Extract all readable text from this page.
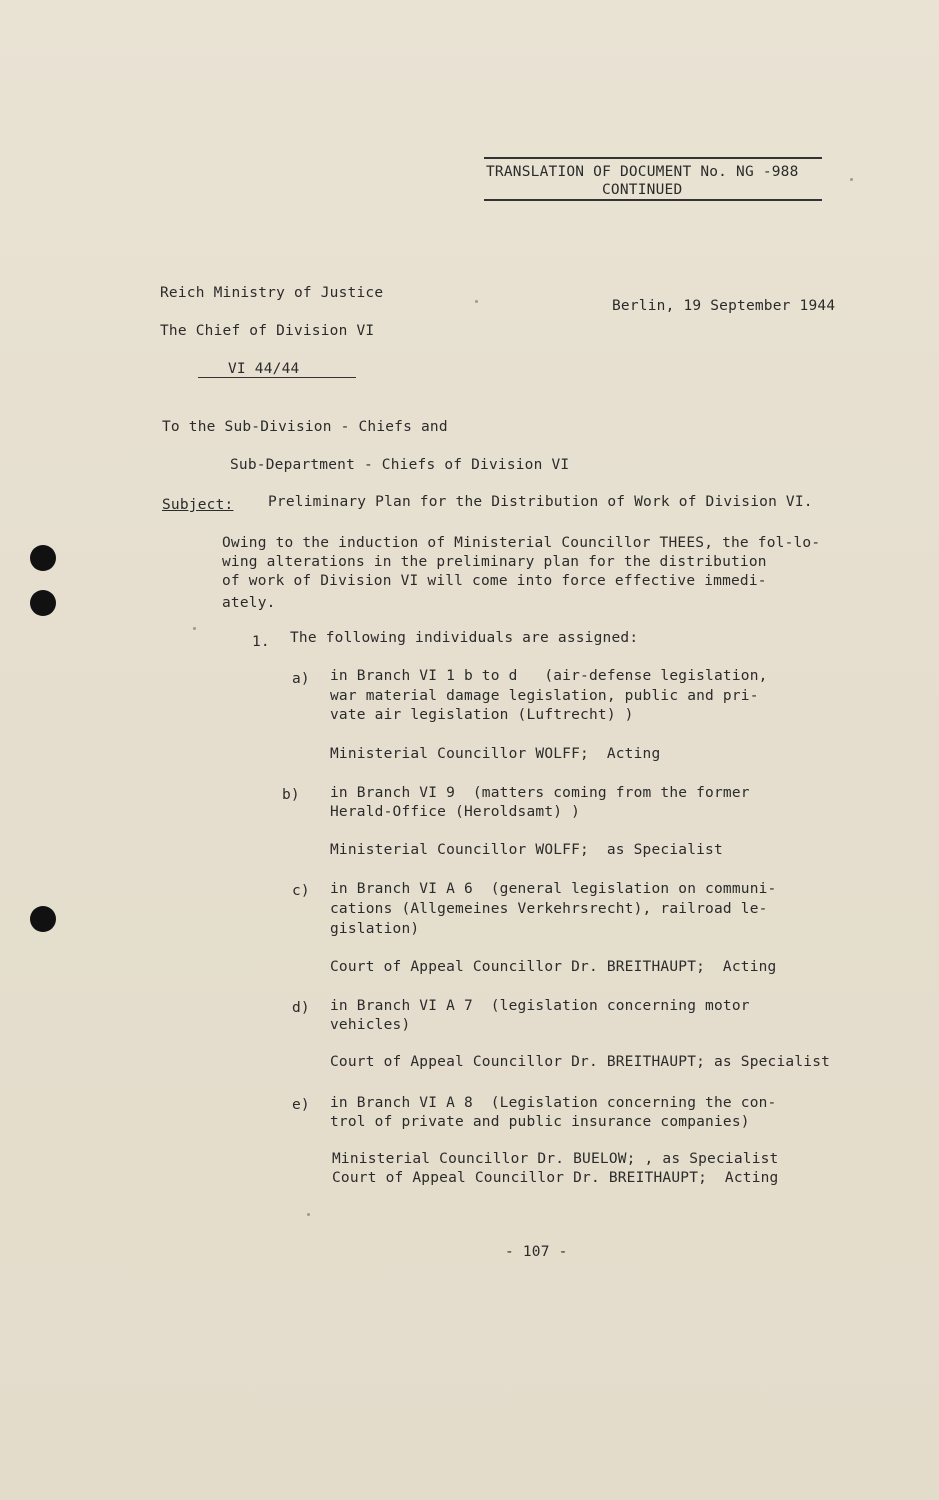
TRANSLATION OF DOCUMENT No. NG -988
CONTINUED
Reich Ministry of Justice
Berlin, 19 September 1944
The Chief of Division VI
VI 44/44
To the Sub-Division - Chiefs and
Sub-Department - Chiefs of Division VI
Subject: Preliminary Plan for the Distribution of Work of Division VI.
Owing to the induction of Ministerial Councillor THEES, the fol-lo-
wing alterations in the preliminary plan for the distribution
of work of Division VI will come into force effective immedi-
ately.
1. The following individuals are assigned:
a) in Branch VI 1 b to d   (air-defense legislation,
war material damage legislation, public and pri-
vate air legislation (Luftrecht) )
Ministerial Councillor WOLFF;  Acting
b) in Branch VI 9  (matters coming from the former
Herald-Office (Heroldsamt) )
Ministerial Councillor WOLFF;  as Specialist
c) in Branch VI A 6  (general legislation on communi-
cations (Allgemeines Verkehrsrecht), railroad le-
gislation)
Court of Appeal Councillor Dr. BREITHAUPT;  Acting
d) in Branch VI A 7  (legislation concerning motor
vehicles)
Court of Appeal Councillor Dr. BREITHAUPT; as Specialist
e) in Branch VI A 8  (Legislation concerning the con-
trol of private and public insurance companies)
Ministerial Councillor Dr. BUELOW; , as Specialist
Court of Appeal Councillor Dr. BREITHAUPT;  Acting
- 107 -
